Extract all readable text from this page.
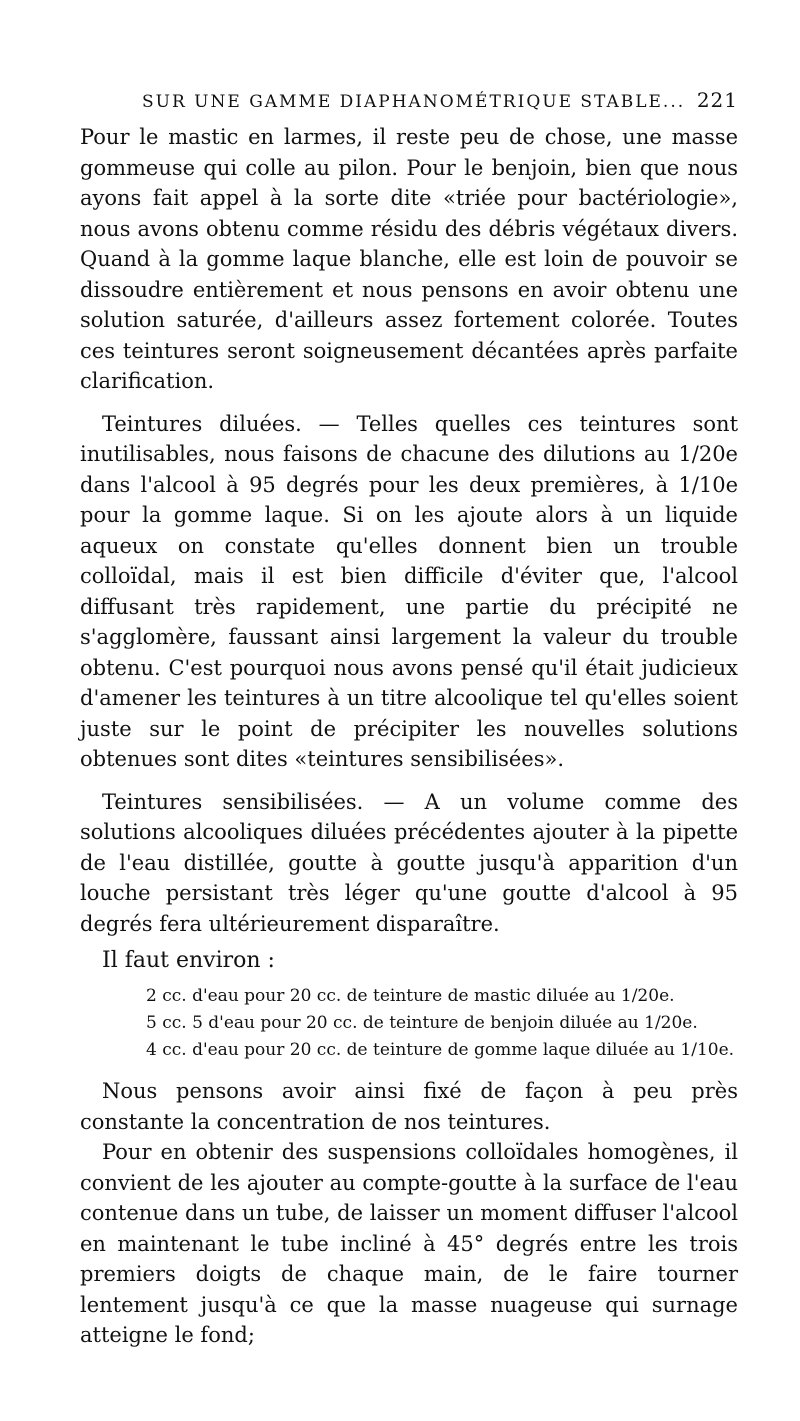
SUR UNE GAMME DIAPHANOMÉTRIQUE STABLE... 221

Pour le mastic en larmes, il reste peu de chose, une masse gommeuse qui colle au pilon. Pour le benjoin, bien que nous ayons fait appel à la sorte dite «triée pour bactériologie», nous avons obtenu comme résidu des débris végétaux divers. Quand à la gomme laque blanche, elle est loin de pouvoir se dissoudre entièrement et nous pensons en avoir obtenu une solution saturée, d'ailleurs assez fortement colorée. Toutes ces teintures seront soigneusement décantées après parfaite clarification.

Teintures diluées. — Telles quelles ces teintures sont inutilisables, nous faisons de chacune des dilutions au 1/20e dans l'alcool à 95 degrés pour les deux premières, à 1/10e pour la gomme laque. Si on les ajoute alors à un liquide aqueux on constate qu'elles donnent bien un trouble colloïdal, mais il est bien difficile d'éviter que, l'alcool diffusant très rapidement, une partie du précipité ne s'agglomère, faussant ainsi largement la valeur du trouble obtenu. C'est pourquoi nous avons pensé qu'il était judicieux d'amener les teintures à un titre alcoolique tel qu'elles soient juste sur le point de précipiter les nouvelles solutions obtenues sont dites «teintures sensibilisées».

Teintures sensibilisées. — A un volume comme des solutions alcooliques diluées précédentes ajouter à la pipette de l'eau distillée, goutte à goutte jusqu'à apparition d'un louche persistant très léger qu'une goutte d'alcool à 95 degrés fera ultérieurement disparaître.

Il faut environ :
2 cc. d'eau pour 20 cc. de teinture de mastic diluée au 1/20e.
5 cc. 5 d'eau pour 20 cc. de teinture de benjoin diluée au 1/20e.
4 cc. d'eau pour 20 cc. de teinture de gomme laque diluée au 1/10e.

Nous pensons avoir ainsi fixé de façon à peu près constante la concentration de nos teintures.

Pour en obtenir des suspensions colloïdales homogènes, il convient de les ajouter au compte-goutte à la surface de l'eau contenue dans un tube, de laisser un moment diffuser l'alcool en maintenant le tube incliné à 45° degrés entre les trois premiers doigts de chaque main, de le faire tourner lentement jusqu'à ce que la masse nuageuse qui surnage atteigne le fond;
